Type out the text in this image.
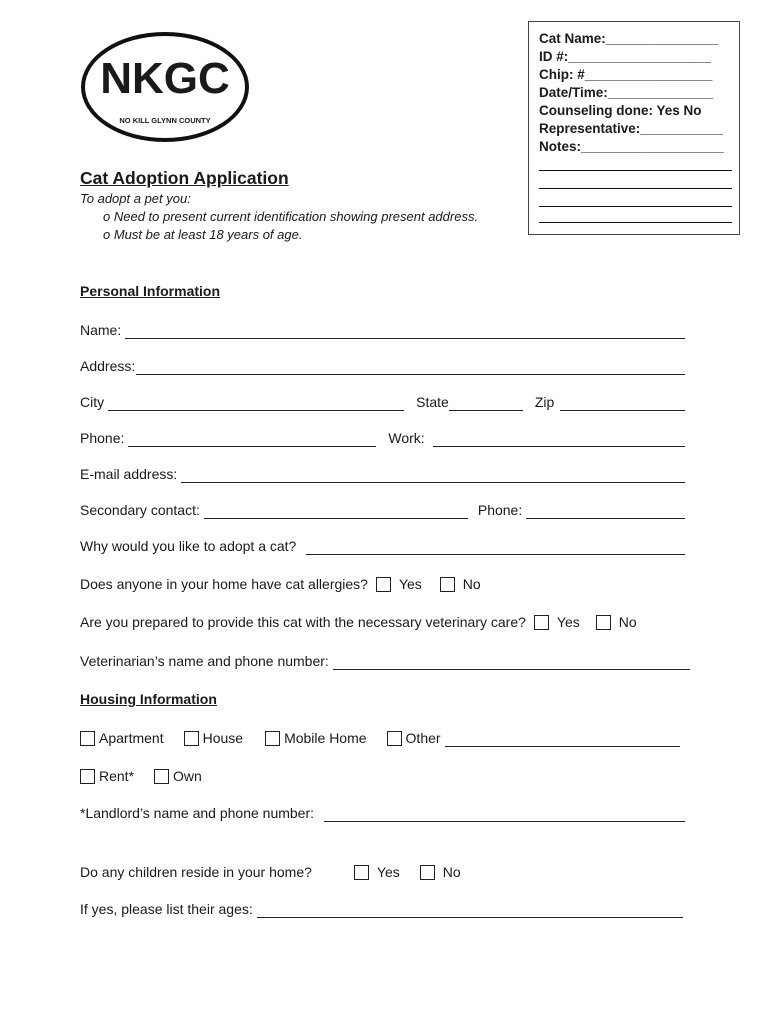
NKGC
NO KILL GLYNN COUNTY
Cat Name:_______________
ID #:___________________
Chip: #_________________
Date/Time:______________
Counseling done: Yes No
Representative:___________
Notes:___________________
Cat Adoption Application
To adopt a pet you:
o Need to present current identification showing present address.
o Must be at least 18 years of age.
Personal Information
Name:
Address:
City	State	Zip
Phone:	Work:
E-mail address:
Secondary contact:	Phone:
Why would you like to adopt a cat?
Does anyone in your home have cat allergies? Yes	No
Are you prepared to provide this cat with the necessary veterinary care? Yes	No
Veterinarian’s name and phone number:
Housing Information
Apartment	House	Mobile Home	Other
Rent*	Own
*Landlord’s name and phone number:
Do any children reside in your home?	Yes	No
If yes, please list their ages:
